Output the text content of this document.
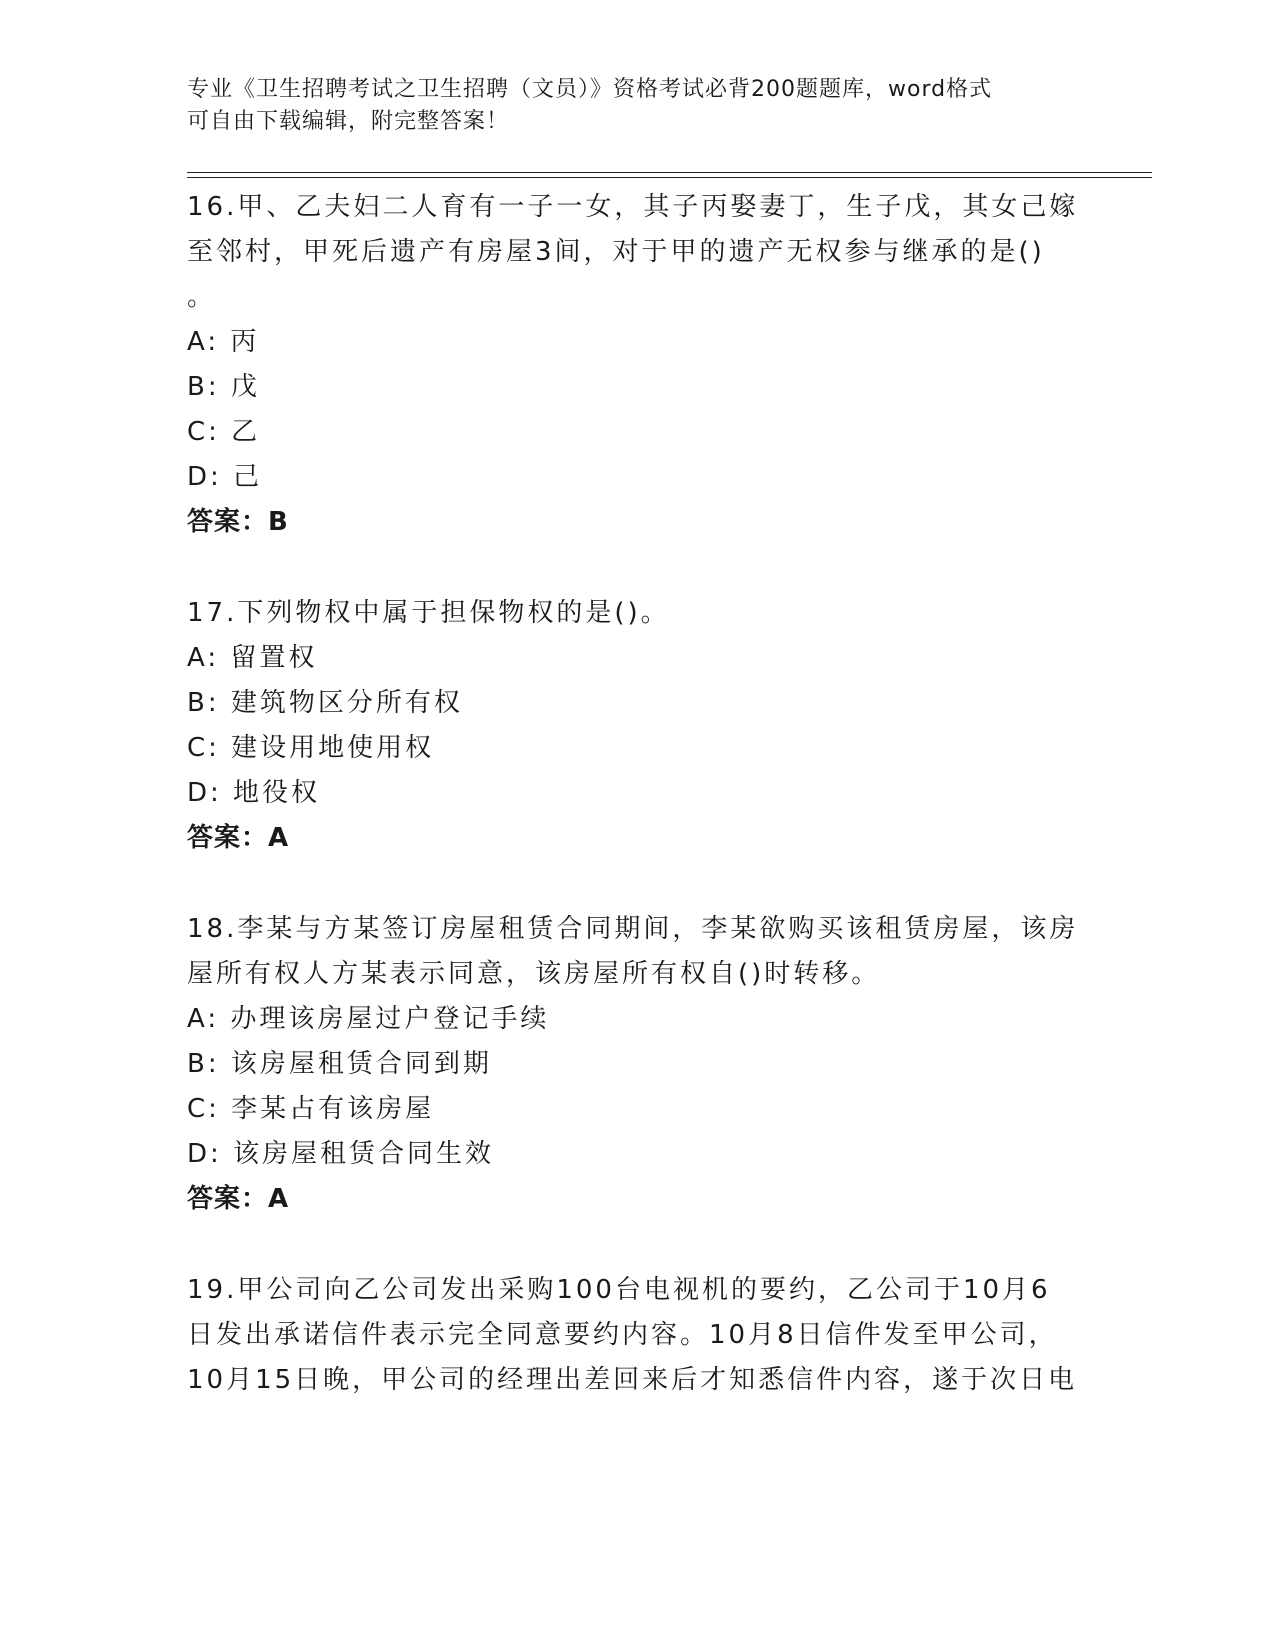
专业《卫生招聘考试之卫生招聘（文员）》资格考试必背200题题库，word格式
可自由下载编辑，附完整答案！
16.甲、乙夫妇二人育有一子一女，其子丙娶妻丁，生子戊，其女己嫁
至邻村，甲死后遗产有房屋3间，对于甲的遗产无权参与继承的是()
。
A: 丙
B: 戊
C: 乙
D: 己
答案：B
17.下列物权中属于担保物权的是()。
A: 留置权
B: 建筑物区分所有权
C: 建设用地使用权
D: 地役权
答案：A
18.李某与方某签订房屋租赁合同期间，李某欲购买该租赁房屋，该房
屋所有权人方某表示同意，该房屋所有权自()时转移。
A: 办理该房屋过户登记手续
B: 该房屋租赁合同到期
C: 李某占有该房屋
D: 该房屋租赁合同生效
答案：A
19.甲公司向乙公司发出采购100台电视机的要约，乙公司于10月6
日发出承诺信件表示完全同意要约内容。10月8日信件发至甲公司，
10月15日晚，甲公司的经理出差回来后才知悉信件内容，遂于次日电
